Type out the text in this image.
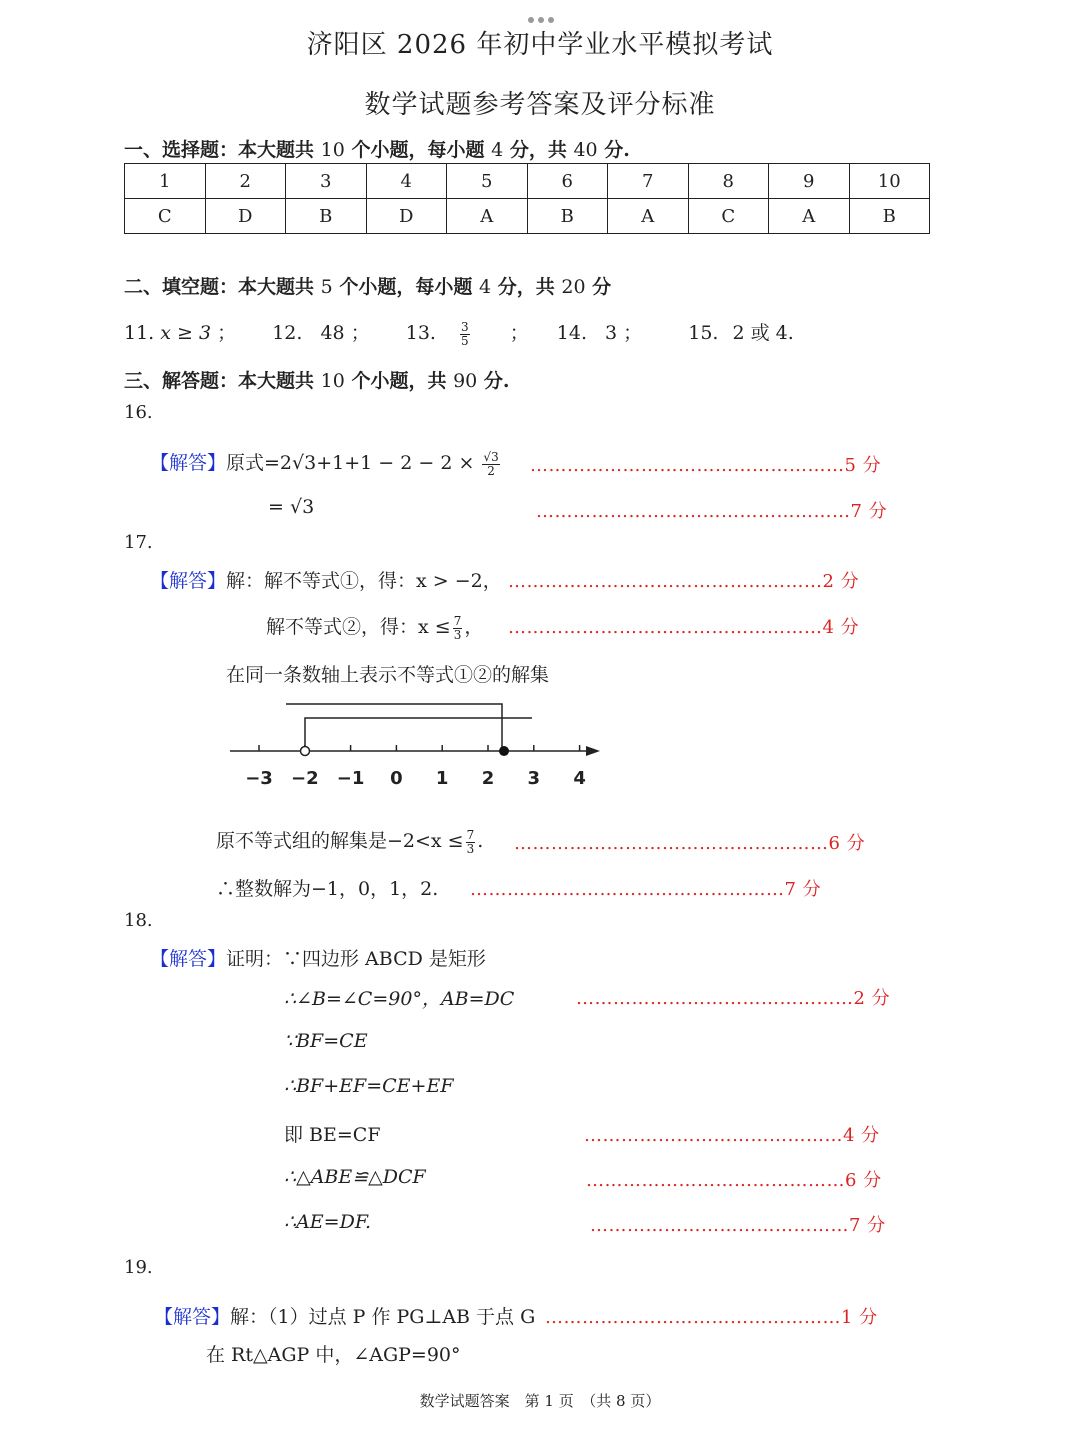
济阳区 2026 年初中学业水平模拟考试
数学试题参考答案及评分标准
一、选择题：本大题共 10 个小题，每小题 4 分，共 40 分.
1	2	3	4	5	6	7	8	9	10
C	D	B	D	A	B	A	C	A	B
二、填空题：本大题共 5 个小题，每小题 4 分，共 20 分
11. x ≥ 3 ； 12. 48 ； 13. $\frac{3}{5}$ ； 14. 3 ； 15. 2 或 4.
三、解答题：本大题共 10 个小题，共 90 分.
16.
【解答】原式$=2√3+1+1 - 2 - 2 \times \frac{√3}{2}$ ……………………………………………5 分
= √3	……………………………………………7 分
17.
【解答】解：解不等式①，得：x > −2， ……………………………………………2 分
解不等式②，得：$x \le \frac{7}{3}$ ， ……………………………………………4 分
在同一条数轴上表示不等式①②的解集
−3 −2 −1 0 1 2 3 4
原不等式组的解集是$-2<x \le \frac{7}{3}$ . ……………………………………………6 分
∴整数解为−1，0，1，2. ……………………………………………7 分
18.
【解答】证明：∵四边形 ABCD 是矩形
∴∠B=∠C=90°，AB=DC	………………………………………2 分
∵BF=CE
∴BF+EF=CE+EF
即 BE=CF	……………………………………4 分
∴△ABE≌△DCF	……………………………………6 分
∴AE=DF.	……………………………………7 分
19.
【解答】解：（1）过点 P 作 PG⊥AB 于点 G …………………………………………1 分
在 Rt△AGP 中，∠AGP=90°
数学试题答案　第 1 页　（共 8 页）
